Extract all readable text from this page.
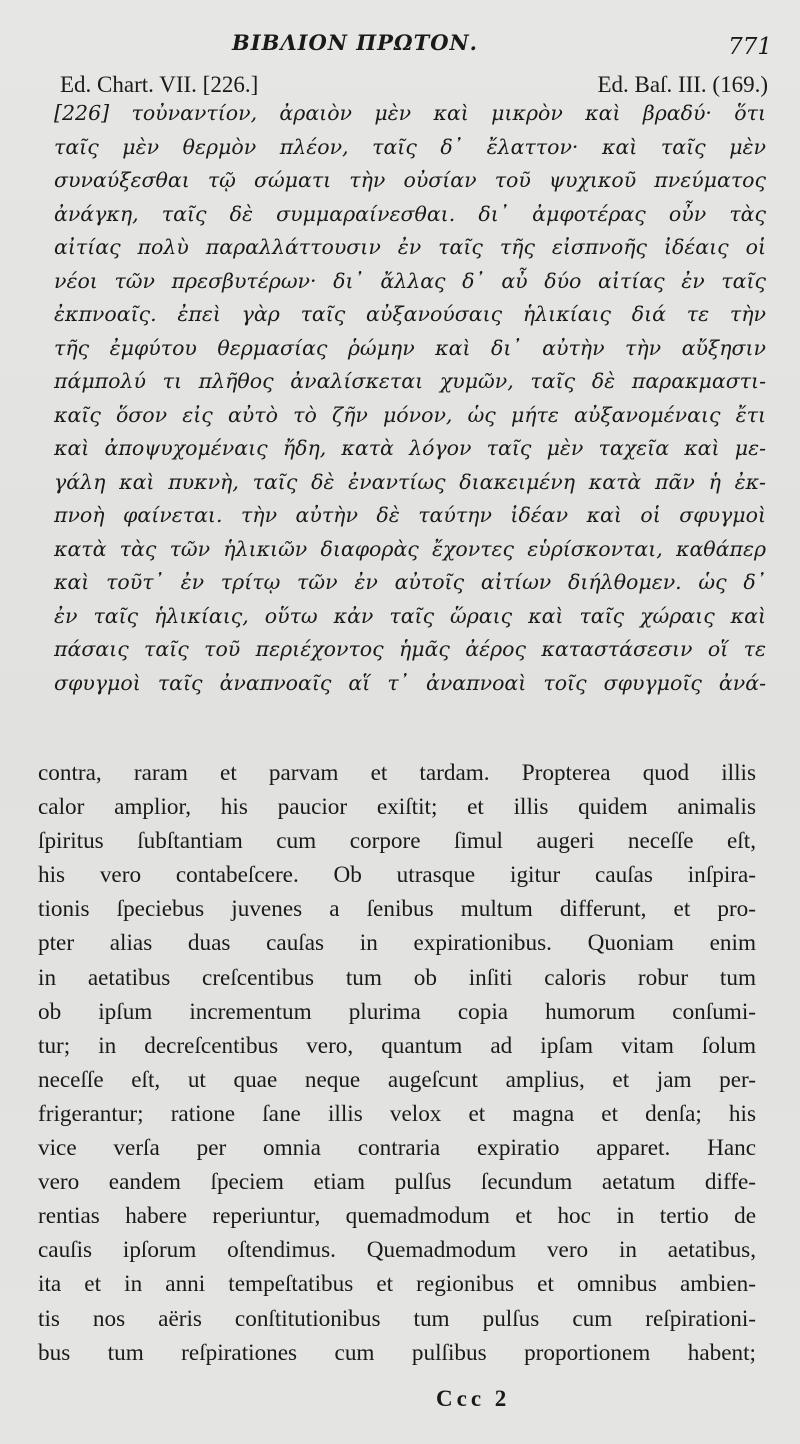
ΒΙΒΛΙΟΝ ΠΡΩΤΟΝ.	771
Ed. Chart. VII. [226.]	Ed. Baſ. III. (169.)
[226] τοὐναντίον, ἀραιὸν μὲν καὶ μικρὸν καὶ βραδύ· ὅτι
ταῖς μὲν θερμὸν πλέον, ταῖς δ᾽ ἔλαττον· καὶ ταῖς μὲν
συναύξεσθαι τῷ σώματι τὴν οὐσίαν τοῦ ψυχικοῦ πνεύματος
ἀνάγκη, ταῖς δὲ συμμαραίνεσθαι. δι᾽ ἀμφοτέρας οὖν τὰς
αἰτίας πολὺ παραλλάττουσιν ἐν ταῖς τῆς εἰσπνοῆς ἰδέαις οἱ
νέοι τῶν πρεσβυτέρων· δι᾽ ἄλλας δ᾽ αὖ δύο αἰτίας ἐν ταῖς
ἐκπνοαῖς. ἐπεὶ γὰρ ταῖς αὐξανούσαις ἡλικίαις διά τε τὴν
τῆς ἐμφύτου θερμασίας ῥώμην καὶ δι᾽ αὐτὴν τὴν αὔξησιν
πάμπολύ τι πλῆθος ἀναλίσκεται χυμῶν, ταῖς δὲ παρακμαστι-
καῖς ὅσον εἰς αὐτὸ τὸ ζῆν μόνον, ὡς μήτε αὐξανομέναις ἔτι
καὶ ἀποψυχομέναις ἤδη, κατὰ λόγον ταῖς μὲν ταχεῖα καὶ με-
γάλη καὶ πυκνὴ, ταῖς δὲ ἐναντίως διακειμένη κατὰ πᾶν ἡ ἐκ-
πνοὴ φαίνεται. τὴν αὐτὴν δὲ ταύτην ἰδέαν καὶ οἱ σφυγμοὶ
κατὰ τὰς τῶν ἡλικιῶν διαφορὰς ἔχοντες εὑρίσκονται, καθάπερ
καὶ τοῦτ᾽ ἐν τρίτῳ τῶν ἐν αὐτοῖς αἰτίων διήλθομεν. ὡς δ᾽
ἐν ταῖς ἡλικίαις, οὕτω κἀν ταῖς ὥραις καὶ ταῖς χώραις καὶ
πάσαις ταῖς τοῦ περιέχοντος ἡμᾶς ἀέρος καταστάσεσιν οἵ τε
σφυγμοὶ ταῖς ἀναπνοαῖς αἵ τ᾽ ἀναπνοαὶ τοῖς σφυγμοῖς ἀνά-
contra, raram et parvam et tardam. Propterea quod illis
calor amplior, his paucior exiſtit; et illis quidem animalis
ſpiritus ſubſtantiam cum corpore ſimul augeri neceſſe eſt,
his vero contabeſcere. Ob utrasque igitur cauſas inſpira-
tionis ſpeciebus juvenes a ſenibus multum differunt, et pro-
pter alias duas cauſas in expirationibus. Quoniam enim
in aetatibus creſcentibus tum ob inſiti caloris robur tum
ob ipſum incrementum plurima copia humorum conſumi-
tur; in decreſcentibus vero, quantum ad ipſam vitam ſolum
neceſſe eſt, ut quae neque augeſcunt amplius, et jam per-
frigerantur; ratione ſane illis velox et magna et denſa; his
vice verſa per omnia contraria expiratio apparet. Hanc
vero eandem ſpeciem etiam pulſus ſecundum aetatum diffe-
rentias habere reperiuntur, quemadmodum et hoc in tertio de
cauſis ipſorum oſtendimus. Quemadmodum vero in aetatibus,
ita et in anni tempeſtatibus et regionibus et omnibus ambien-
tis nos aëris conſtitutionibus tum pulſus cum reſpirationi-
bus tum reſpirationes cum pulſibus proportionem habent;
Ccc 2
